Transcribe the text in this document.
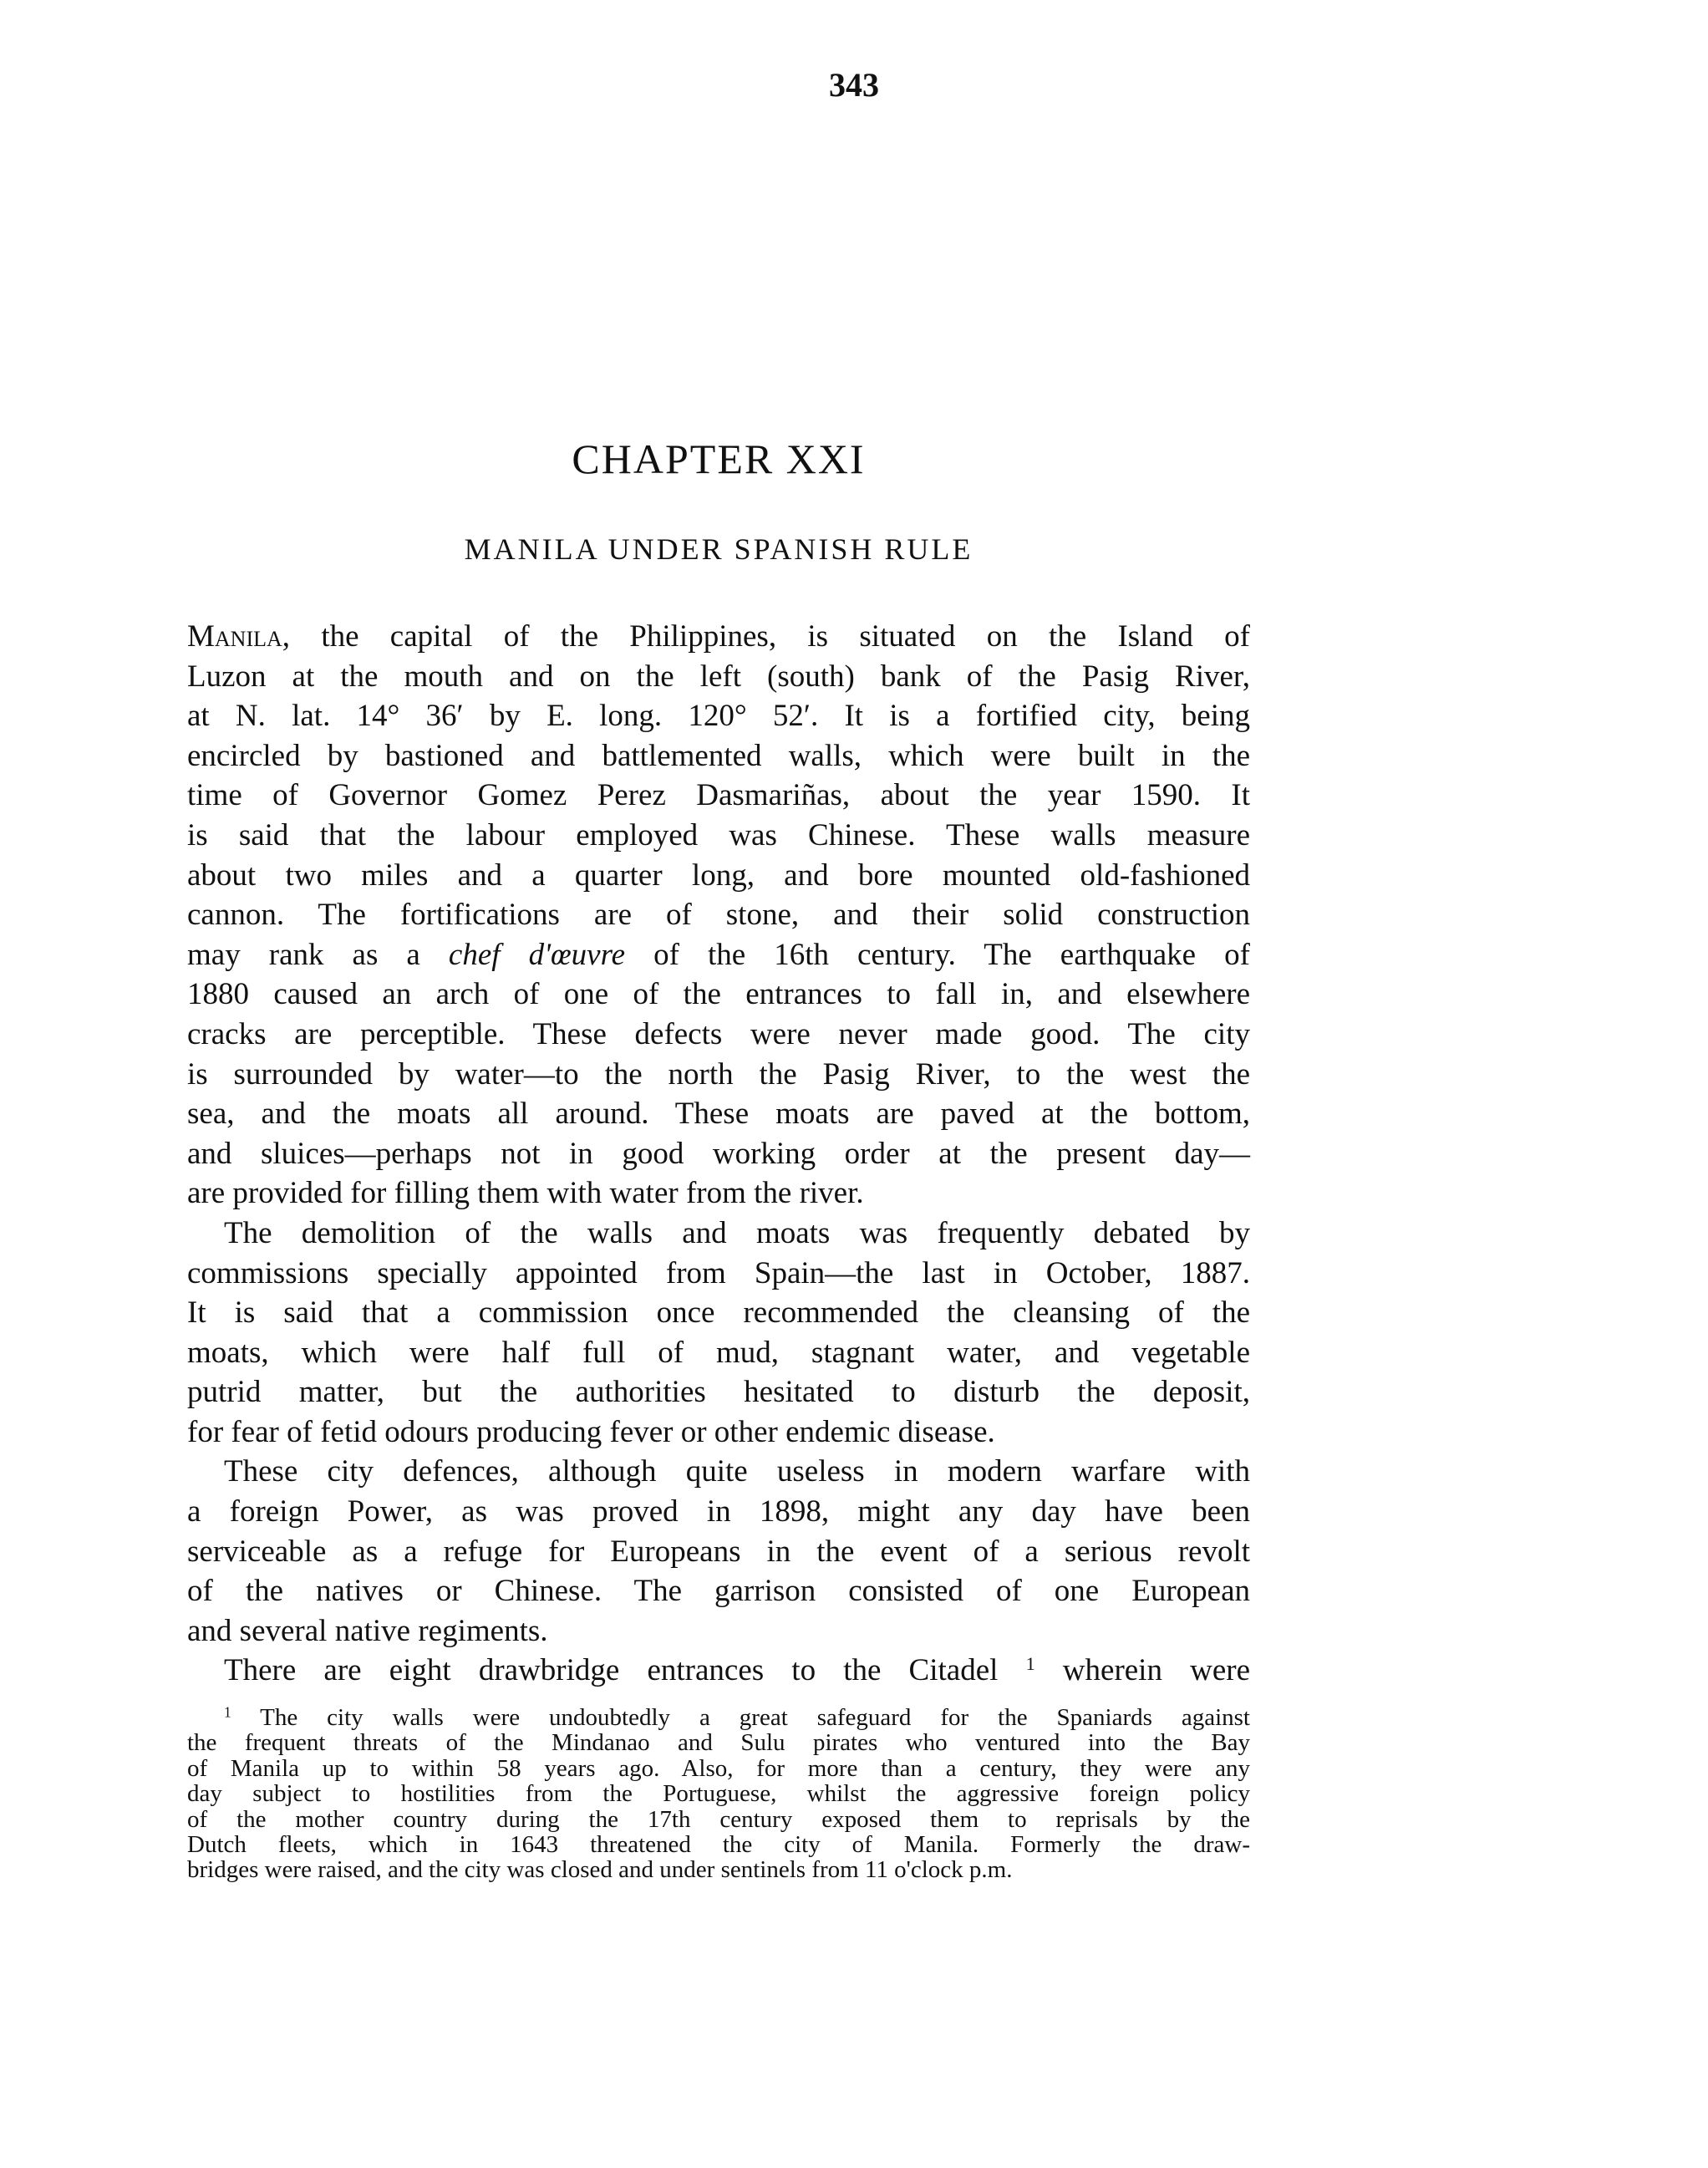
343
CHAPTER XXI
MANILA UNDER SPANISH RULE
Manila, the capital of the Philippines, is situated on the Island of
Luzon at the mouth and on the left (south) bank of the Pasig River,
at N. lat. 14° 36′ by E. long. 120° 52′. It is a fortified city, being
encircled by bastioned and battlemented walls, which were built in the
time of Governor Gomez Perez Dasmariñas, about the year 1590. It
is said that the labour employed was Chinese. These walls measure
about two miles and a quarter long, and bore mounted old-fashioned
cannon. The fortifications are of stone, and their solid construction
may rank as a chef d'œuvre of the 16th century. The earthquake of
1880 caused an arch of one of the entrances to fall in, and elsewhere
cracks are perceptible. These defects were never made good. The city
is surrounded by water—to the north the Pasig River, to the west the
sea, and the moats all around. These moats are paved at the bottom,
and sluices—perhaps not in good working order at the present day—
are provided for filling them with water from the river.
The demolition of the walls and moats was frequently debated by
commissions specially appointed from Spain—the last in October, 1887.
It is said that a commission once recommended the cleansing of the
moats, which were half full of mud, stagnant water, and vegetable
putrid matter, but the authorities hesitated to disturb the deposit,
for fear of fetid odours producing fever or other endemic disease.
These city defences, although quite useless in modern warfare with
a foreign Power, as was proved in 1898, might any day have been
serviceable as a refuge for Europeans in the event of a serious revolt
of the natives or Chinese. The garrison consisted of one European
and several native regiments.
There are eight drawbridge entrances to the Citadel $^1$ wherein were
$^1$ The city walls were undoubtedly a great safeguard for the Spaniards against
the frequent threats of the Mindanao and Sulu pirates who ventured into the Bay
of Manila up to within 58 years ago. Also, for more than a century, they were any
day subject to hostilities from the Portuguese, whilst the aggressive foreign policy
of the mother country during the 17th century exposed them to reprisals by the
Dutch fleets, which in 1643 threatened the city of Manila. Formerly the draw-
bridges were raised, and the city was closed and under sentinels from 11 o'clock p.m.
